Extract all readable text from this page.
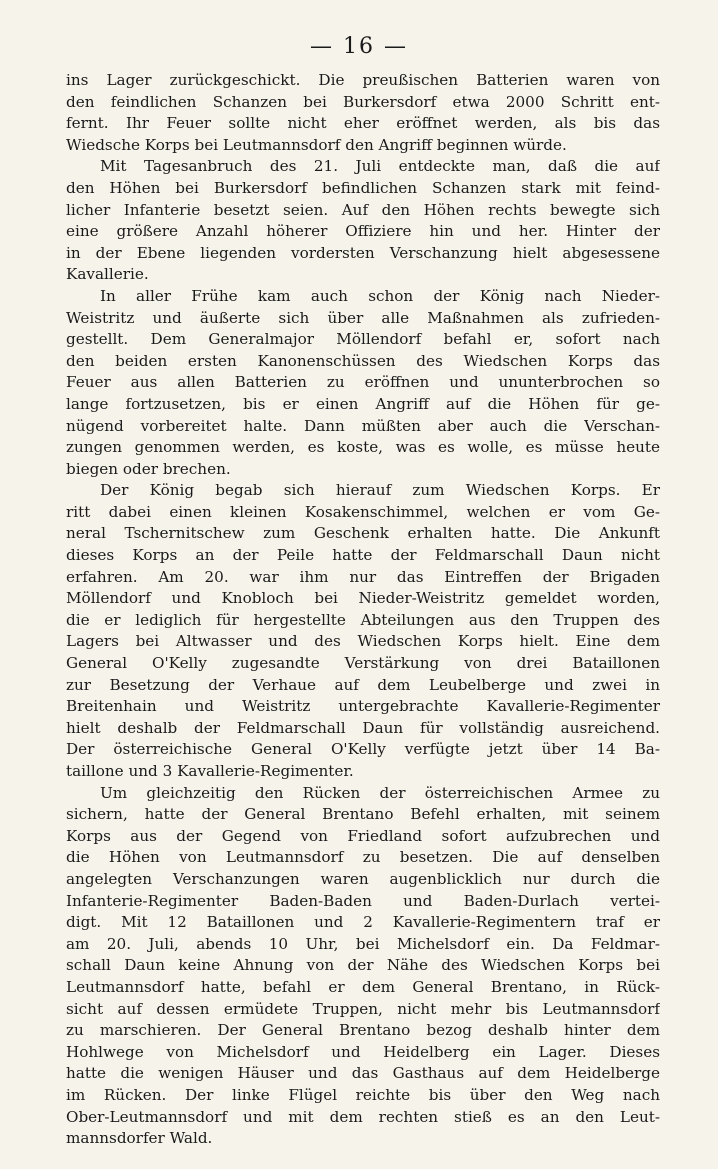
— 16 —
ins Lager zurückgeschickt. Die preußischen Batterien waren von
den feindlichen Schanzen bei Burkersdorf etwa 2000 Schritt ent-
fernt. Ihr Feuer sollte nicht eher eröffnet werden, als bis das
Wiedsche Korps bei Leutmannsdorf den Angriff beginnen würde.
Mit Tagesanbruch des 21. Juli entdeckte man, daß die auf
den Höhen bei Burkersdorf befindlichen Schanzen stark mit feind-
licher Infanterie besetzt seien. Auf den Höhen rechts bewegte sich
eine größere Anzahl höherer Offiziere hin und her. Hinter der
in der Ebene liegenden vordersten Verschanzung hielt abgesessene
Kavallerie.
In aller Frühe kam auch schon der König nach Nieder-
Weistritz und äußerte sich über alle Maßnahmen als zufrieden-
gestellt. Dem Generalmajor Möllendorf befahl er, sofort nach
den beiden ersten Kanonenschüssen des Wiedschen Korps das
Feuer aus allen Batterien zu eröffnen und ununterbrochen so
lange fortzusetzen, bis er einen Angriff auf die Höhen für ge-
nügend vorbereitet halte. Dann müßten aber auch die Verschan-
zungen genommen werden, es koste, was es wolle, es müsse heute
biegen oder brechen.
Der König begab sich hierauf zum Wiedschen Korps. Er
ritt dabei einen kleinen Kosakenschimmel, welchen er vom Ge-
neral Tschernitschew zum Geschenk erhalten hatte. Die Ankunft
dieses Korps an der Peile hatte der Feldmarschall Daun nicht
erfahren. Am 20. war ihm nur das Eintreffen der Brigaden
Möllendorf und Knobloch bei Nieder-Weistritz gemeldet worden,
die er lediglich für hergestellte Abteilungen aus den Truppen des
Lagers bei Altwasser und des Wiedschen Korps hielt. Eine dem
General O'Kelly zugesandte Verstärkung von drei Bataillonen
zur Besetzung der Verhaue auf dem Leubelberge und zwei in
Breitenhain und Weistritz untergebrachte Kavallerie-Regimenter
hielt deshalb der Feldmarschall Daun für vollständig ausreichend.
Der österreichische General O'Kelly verfügte jetzt über 14 Ba-
taillone und 3 Kavallerie-Regimenter.
Um gleichzeitig den Rücken der österreichischen Armee zu
sichern, hatte der General Brentano Befehl erhalten, mit seinem
Korps aus der Gegend von Friedland sofort aufzubrechen und
die Höhen von Leutmannsdorf zu besetzen. Die auf denselben
angelegten Verschanzungen waren augenblicklich nur durch die
Infanterie-Regimenter Baden-Baden und Baden-Durlach vertei-
digt. Mit 12 Bataillonen und 2 Kavallerie-Regimentern traf er
am 20. Juli, abends 10 Uhr, bei Michelsdorf ein. Da Feldmar-
schall Daun keine Ahnung von der Nähe des Wiedschen Korps bei
Leutmannsdorf hatte, befahl er dem General Brentano, in Rück-
sicht auf dessen ermüdete Truppen, nicht mehr bis Leutmannsdorf
zu marschieren. Der General Brentano bezog deshalb hinter dem
Hohlwege von Michelsdorf und Heidelberg ein Lager. Dieses
hatte die wenigen Häuser und das Gasthaus auf dem Heidelberge
im Rücken. Der linke Flügel reichte bis über den Weg nach
Ober-Leutmannsdorf und mit dem rechten stieß es an den Leut-
mannsdorfer Wald.
